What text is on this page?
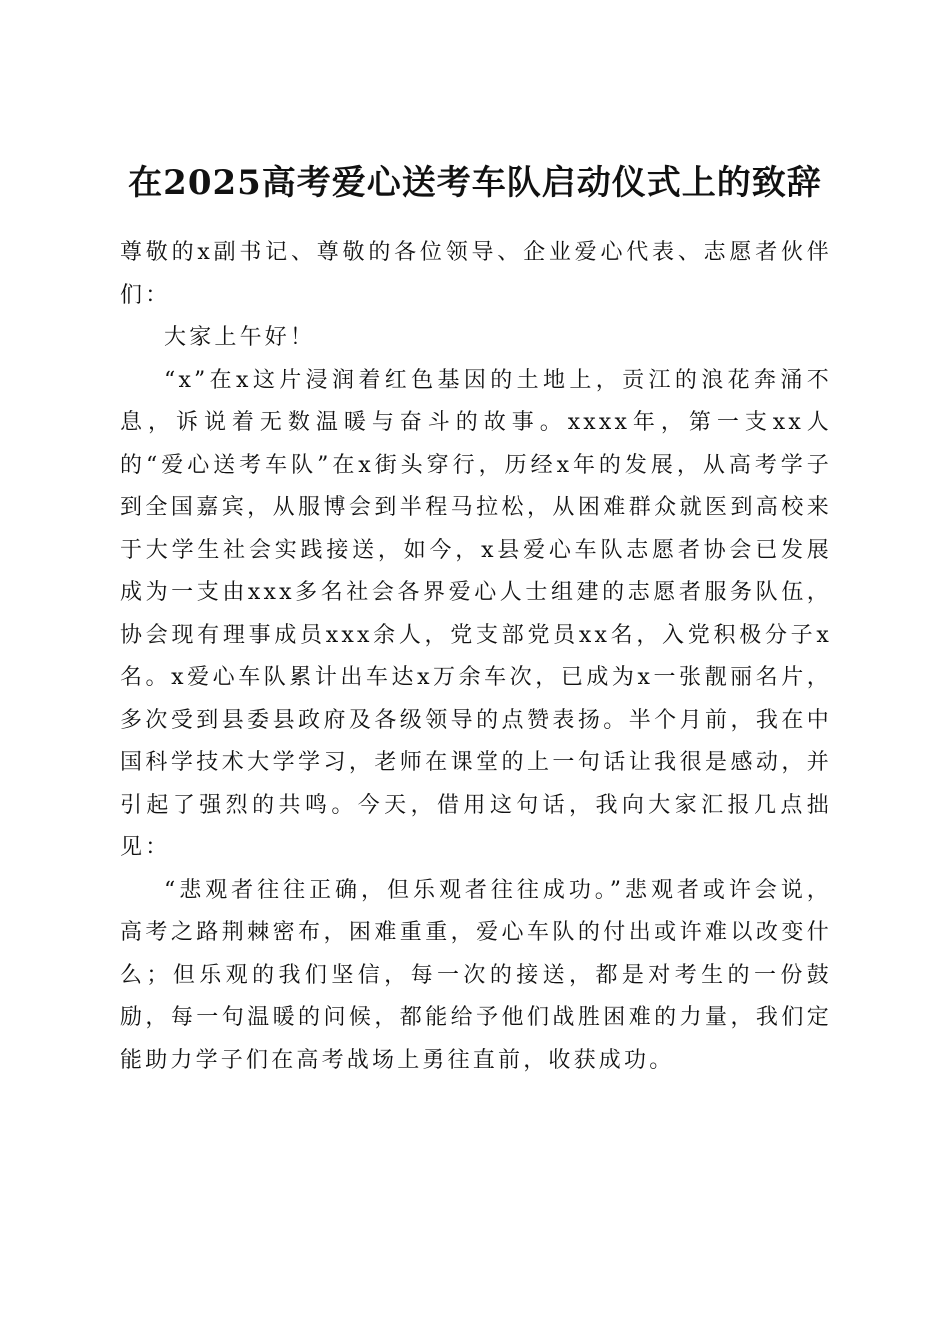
在2025高考爱心送考车队启动仪式上的致辞

尊敬的x副书记、尊敬的各位领导、企业爱心代表、志愿者伙伴们：

大家上午好！

“x”在x这片浸润着红色基因的土地上，贡江的浪花奔涌不息，诉说着无数温暖与奋斗的故事。xxxx年，第一支xx人的“爱心送考车队”在x街头穿行，历经x年的发展，从高考学子到全国嘉宾，从服博会到半程马拉松，从困难群众就医到高校来于大学生社会实践接送，如今，x县爱心车队志愿者协会已发展成为一支由xxx多名社会各界爱心人士组建的志愿者服务队伍，协会现有理事成员xxx余人，党支部党员xx名，入党积极分子x名。x爱心车队累计出车达x万余车次，已成为x一张靓丽名片，多次受到县委县政府及各级领导的点赞表扬。半个月前，我在中国科学技术大学学习，老师在课堂的上一句话让我很是感动，并引起了强烈的共鸣。今天，借用这句话，我向大家汇报几点拙见：

“悲观者往往正确，但乐观者往往成功。”悲观者或许会说，高考之路荆棘密布，困难重重，爱心车队的付出或许难以改变什么；但乐观的我们坚信，每一次的接送，都是对考生的一份鼓励，每一句温暖的问候，都能给予他们战胜困难的力量，我们定能助力学子们在高考战场上勇往直前，收获成功。
